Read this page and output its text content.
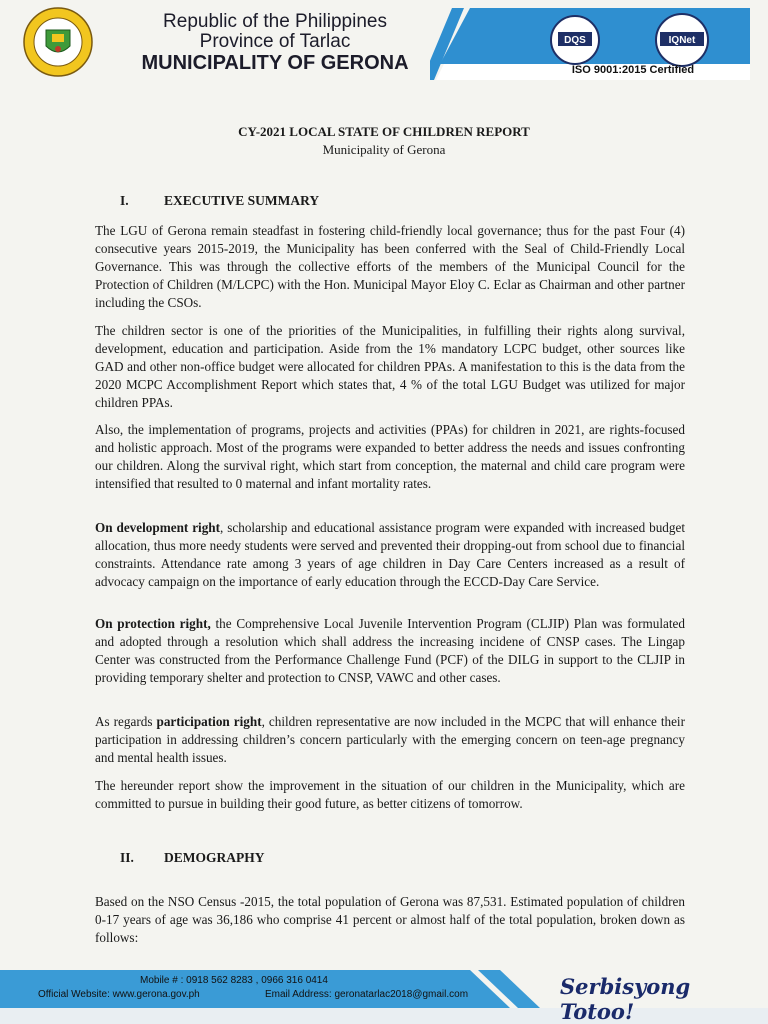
Republic of the Philippines
Province of Tarlac
MUNICIPALITY OF GERONA
DQS	IQNet
ISO 9001:2015 Certified
CY-2021 LOCAL STATE OF CHILDREN REPORT
Municipality of Gerona
I.	EXECUTIVE SUMMARY
The LGU of Gerona remain steadfast in fostering child-friendly local governance; thus for the past Four (4) consecutive years 2015-2019, the Municipality has been conferred with the Seal of Child-Friendly Local Governance. This was through the collective efforts of the members of the Municipal Council for the Protection of Children (M/LCPC) with the Hon. Municipal Mayor Eloy C. Eclar as Chairman and other partner including the CSOs.
The children sector is one of the priorities of the Municipalities, in fulfilling their rights along survival, development, education and participation. Aside from the 1% mandatory LCPC budget, other sources like GAD and other non-office budget were allocated for children PPAs. A manifestation to this is the data from the 2020 MCPC Accomplishment Report which states that, 4 % of the total LGU Budget was utilized for major children PPAs.
Also, the implementation of programs, projects and activities (PPAs) for children in 2021, are rights-focused and holistic approach. Most of the programs were expanded to better address the needs and issues confronting our children. Along the survival right, which start from conception, the maternal and child care program were intensified that resulted to 0 maternal and infant mortality rates.
On development right, scholarship and educational assistance program were expanded with increased budget allocation, thus more needy students were served and prevented their dropping-out from school due to financial constraints. Attendance rate among 3 years of age children in Day Care Centers increased as a result of advocacy campaign on the importance of early education through the ECCD-Day Care Service.
On protection right, the Comprehensive Local Juvenile Intervention Program (CLJIP) Plan was formulated and adopted through a resolution which shall address the increasing incidene of CNSP cases. The Lingap Center was constructed from the Performance Challenge Fund (PCF) of the DILG in support to the CLJIP in providing temporary shelter and protection to CNSP, VAWC and other cases.
As regards participation right, children representative are now included in the MCPC that will enhance their participation in addressing children’s concern particularly with the emerging concern on teen-age pregnancy and mental health issues.
The hereunder report show the improvement in the situation of our children in the Municipality, which are committed to pursue in building their good future, as better citizens of tomorrow.
II. DEMOGRAPHY
Based on the NSO Census -2015, the total population of Gerona was 87,531. Estimated population of children 0-17 years of age was 36,186 who comprise 41 percent or almost half of the total population, broken down as follows:
Mobile # : 0918 562 8283 , 0966 316 0414
Official Website: www.gerona.gov.ph	Email Address: geronatarlac2018@gmail.com	Serbisyong Totoo!
